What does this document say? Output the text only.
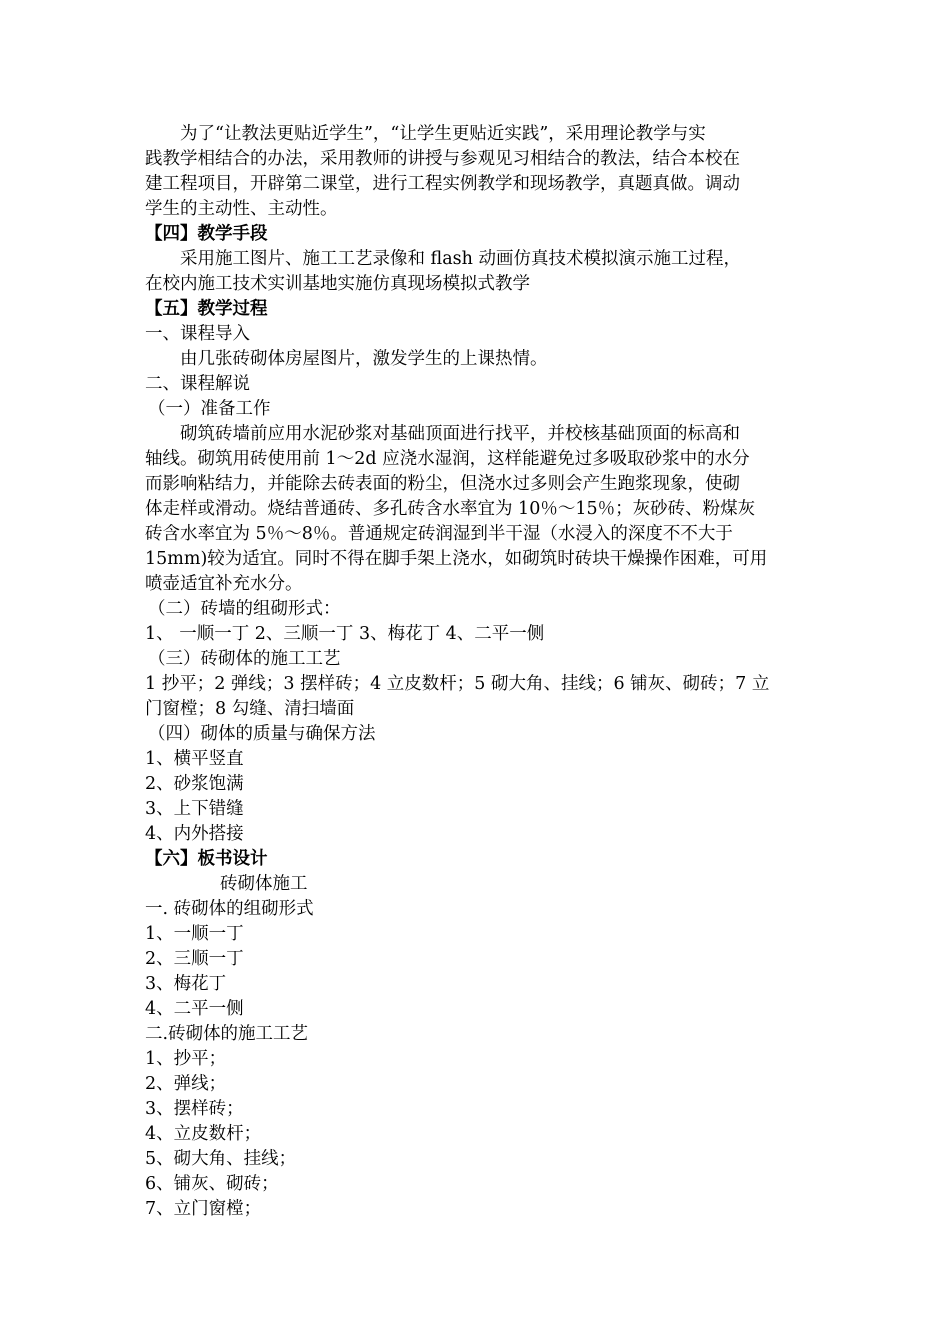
为了“让教法更贴近学生”，“让学生更贴近实践”，采用理论教学与实
践教学相结合的办法，采用教师的讲授与参观见习相结合的教法，结合本校在
建工程项目，开辟第二课堂，进行工程实例教学和现场教学，真题真做。调动
学生的主动性、主动性。
【四】教学手段
采用施工图片、施工工艺录像和 flash 动画仿真技术模拟演示施工过程，
在校内施工技术实训基地实施仿真现场模拟式教学
【五】教学过程
一、课程导入
由几张砖砌体房屋图片，激发学生的上课热情。
二、课程解说
（一）准备工作
砌筑砖墙前应用水泥砂浆对基础顶面进行找平，并校核基础顶面的标高和
轴线。砌筑用砖使用前 1～2d 应浇水湿润，这样能避免过多吸取砂浆中的水分
而影响粘结力，并能除去砖表面的粉尘，但浇水过多则会产生跑浆现象，使砌
体走样或滑动。烧结普通砖、多孔砖含水率宜为 10％～15％；灰砂砖、粉煤灰
砖含水率宜为 5％～8％。普通规定砖润湿到半干湿（水浸入的深度不不大于
15mm)较为适宜。同时不得在脚手架上浇水，如砌筑时砖块干燥操作困难，可用
喷壶适宜补充水分。
（二）砖墙的组砌形式：
1、 一顺一丁 2、三顺一丁 3、梅花丁 4、二平一侧
（三）砖砌体的施工工艺
1 抄平；2 弹线；3 摆样砖；4 立皮数杆；5 砌大角、挂线；6 铺灰、砌砖；7 立
门窗樘；8 勾缝、清扫墙面
（四）砌体的质量与确保方法
1、横平竖直
2、砂浆饱满
3、上下错缝
4、内外搭接
【六】板书设计
砖砌体施工
一. 砖砌体的组砌形式
1、一顺一丁
2、三顺一丁
3、梅花丁
4、二平一侧
二.砖砌体的施工工艺
1、抄平；
2、弹线；
3、摆样砖；
4、立皮数杆；
5、砌大角、挂线；
6、铺灰、砌砖；
7、立门窗樘；
